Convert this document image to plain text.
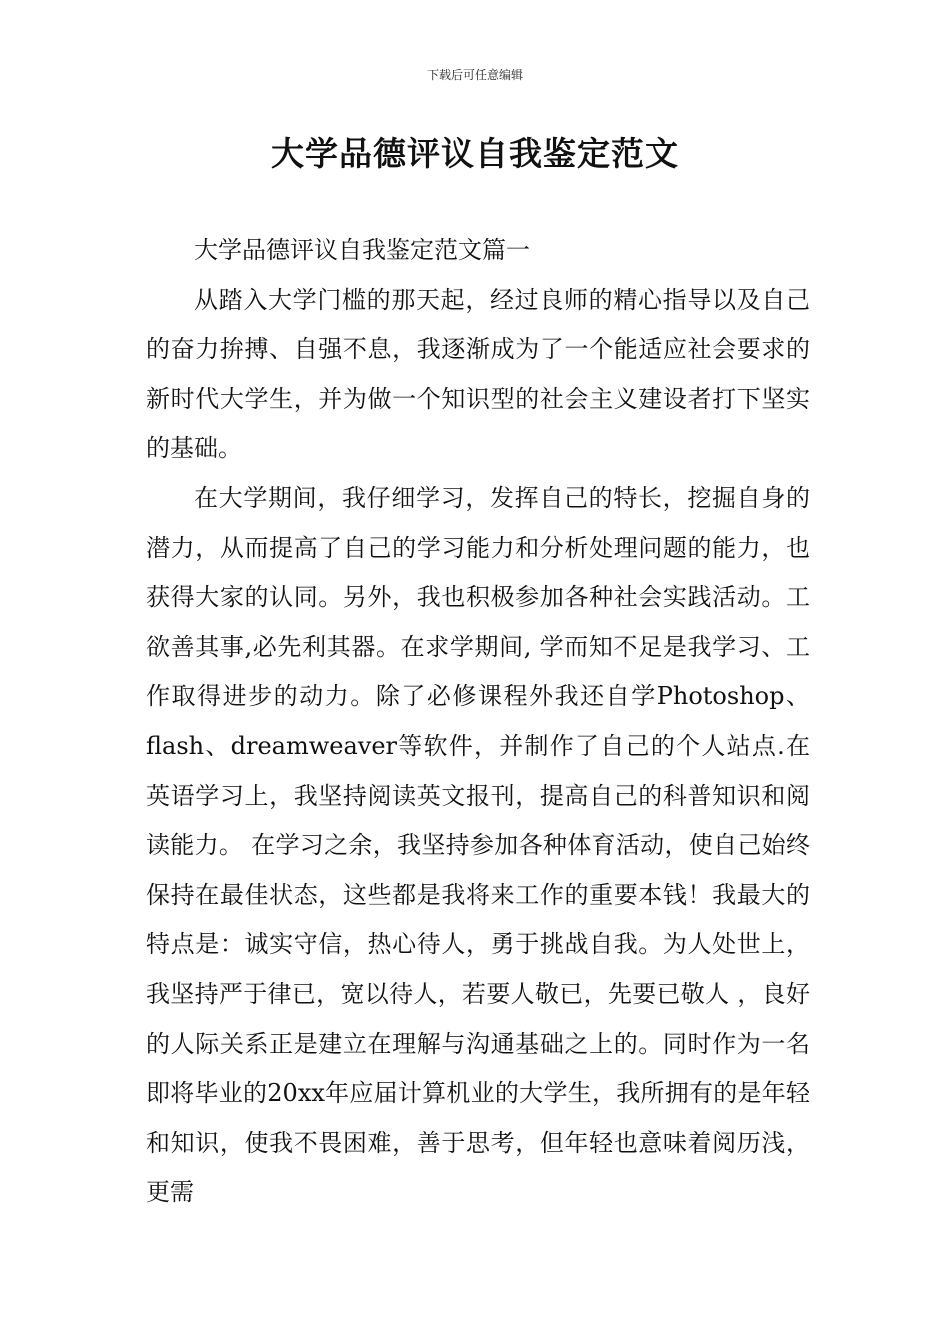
下载后可任意编辑
大学品德评议自我鉴定范文

大学品德评议自我鉴定范文篇一

从踏入大学门槛的那天起，经过良师的精心指导以及自己的奋力拚搏、自强不息，我逐渐成为了一个能适应社会要求的新时代大学生，并为做一个知识型的社会主义建设者打下坚实的基础。

在大学期间，我仔细学习，发挥自己的特长，挖掘自身的潜力，从而提高了自己的学习能力和分析处理问题的能力，也获得大家的认同。另外，我也积极参加各种社会实践活动。工欲善其事,必先利其器。在求学期间, 学而知不足是我学习、工作取得进步的动力。除了必修课程外我还自学Photoshop、flash、dreamweaver等软件，并制作了自己的个人站点.在英语学习上，我坚持阅读英文报刊，提高自己的科普知识和阅读能力。 在学习之余，我坚持参加各种体育活动，使自己始终保持在最佳状态，这些都是我将来工作的重要本钱！我最大的特点是：诚实守信，热心待人，勇于挑战自我。为人处世上，我坚持严于律已，宽以待人，若要人敬已，先要已敬人 ，良好的人际关系正是建立在理解与沟通基础之上的。同时作为一名即将毕业的20xx年应届计算机业的大学生，我所拥有的是年轻和知识，使我不畏困难，善于思考，但年轻也意味着阅历浅，更需
